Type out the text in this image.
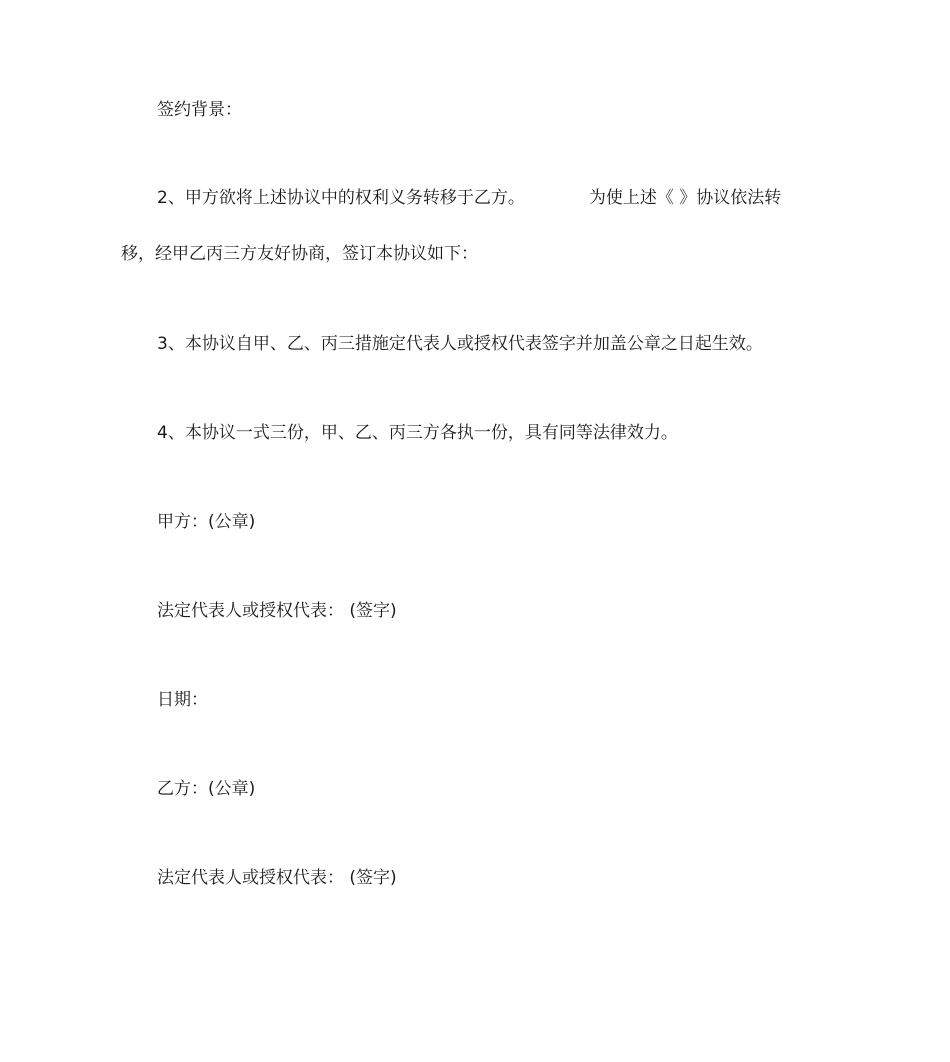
签约背景：

2、甲方欲将上述协议中的权利义务转移于乙方。	为使上述《 》协议依法转

移，经甲乙丙三方友好协商，签订本协议如下：

3、本协议自甲、乙、丙三措施定代表人或授权代表签字并加盖公章之日起生效。

4、本协议一式三份，甲、乙、丙三方各执一份，具有同等法律效力。

甲方：(公章)

法定代表人或授权代表： (签字)

日期：

乙方：(公章)

法定代表人或授权代表： (签字)
